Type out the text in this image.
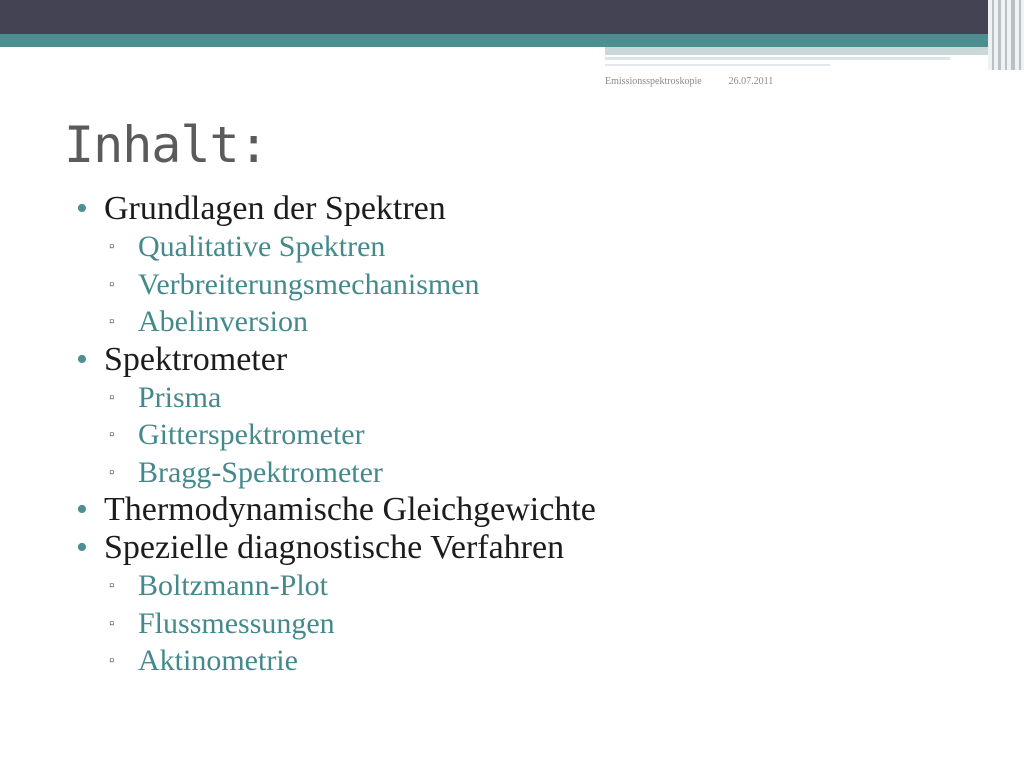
Emissionsspektroskopie	26.07.2011
Inhalt:
• Grundlagen der Spektren
▫ Qualitative Spektren
▫ Verbreiterungsmechanismen
▫ Abelinversion
• Spektrometer
▫ Prisma
▫ Gitterspektrometer
▫ Bragg-Spektrometer
• Thermodynamische Gleichgewichte
• Spezielle diagnostische Verfahren
▫ Boltzmann-Plot
▫ Flussmessungen
▫ Aktinometrie
